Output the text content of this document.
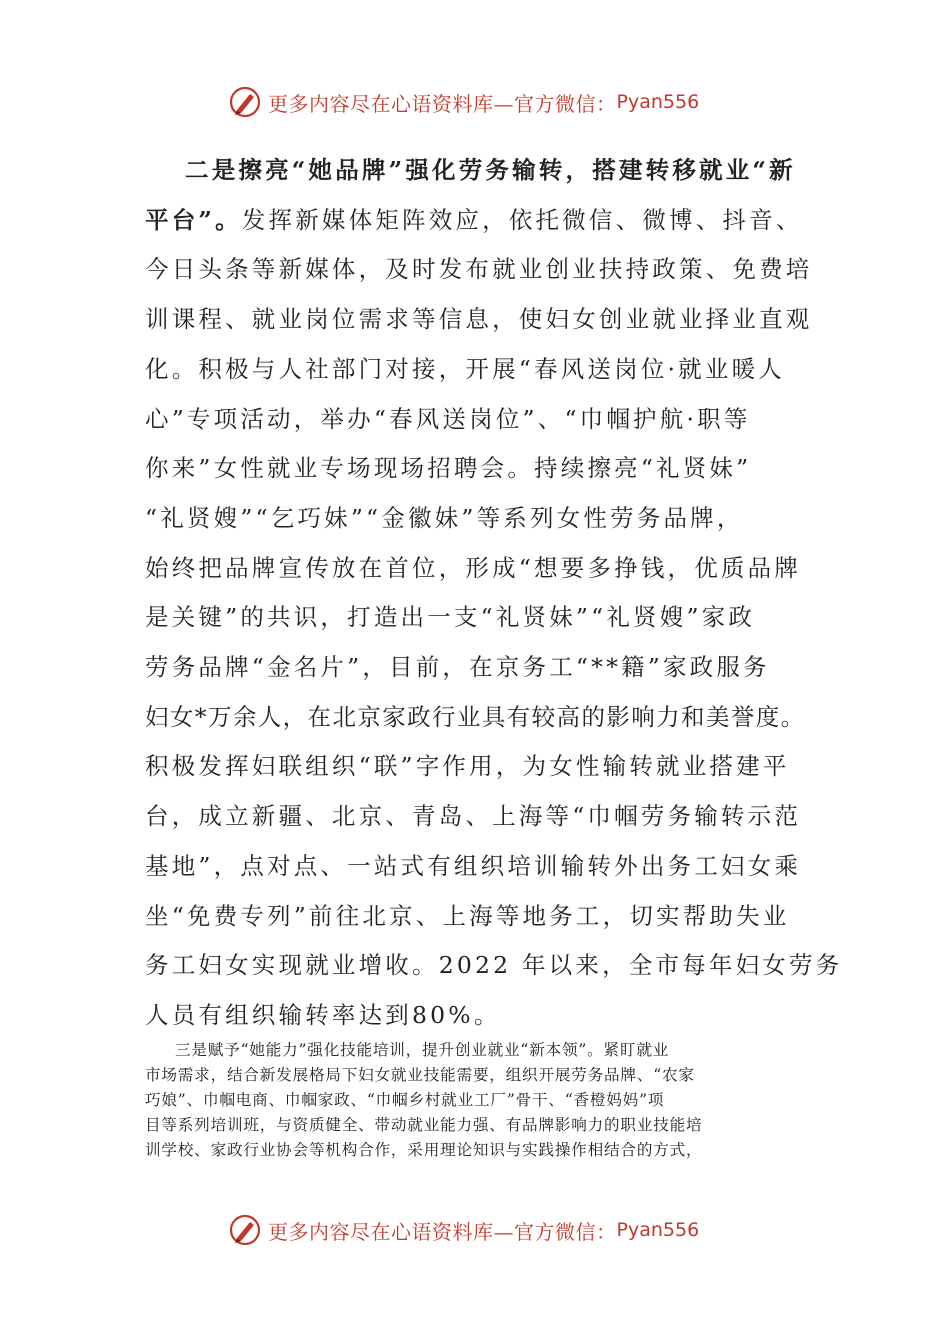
更多内容尽在心语资料库—官方微信： Pyan556
二是擦亮“她品牌”强化劳务输转，搭建转移就业“新
平台”。发挥新媒体矩阵效应，依托微信、微博、抖音、
今日头条等新媒体，及时发布就业创业扶持政策、免费培
训课程、就业岗位需求等信息，使妇女创业就业择业直观
化。积极与人社部门对接，开展“春风送岗位·就业暖人
心”专项活动，举办“春风送岗位”、“巾帼护航·职等
你来”女性就业专场现场招聘会。持续擦亮“礼贤妹”
“礼贤嫂”“乞巧妹”“金徽妹”等系列女性劳务品牌，
始终把品牌宣传放在首位，形成“想要多挣钱，优质品牌
是关键”的共识，打造出一支“礼贤妹”“礼贤嫂”家政
劳务品牌“金名片”，目前，在京务工“**籍”家政服务
妇女*万余人，在北京家政行业具有较高的影响力和美誉度。
积极发挥妇联组织“联”字作用，为女性输转就业搭建平
台，成立新疆、北京、青岛、上海等“巾帼劳务输转示范
基地”，点对点、一站式有组织培训输转外出务工妇女乘
坐“免费专列”前往北京、上海等地务工，切实帮助失业
务工妇女实现就业增收。2022 年以来，全市每年妇女劳务
人员有组织输转率达到80%。
三是赋予“她能力”强化技能培训，提升创业就业“新本领”。紧盯就业
市场需求，结合新发展格局下妇女就业技能需要，组织开展劳务品牌、“农家
巧娘”、巾帼电商、巾帼家政、“巾帼乡村就业工厂”骨干、“香橙妈妈”项
目等系列培训班，与资质健全、带动就业能力强、有品牌影响力的职业技能培
训学校、家政行业协会等机构合作，采用理论知识与实践操作相结合的方式，
更多内容尽在心语资料库—官方微信： Pyan556
